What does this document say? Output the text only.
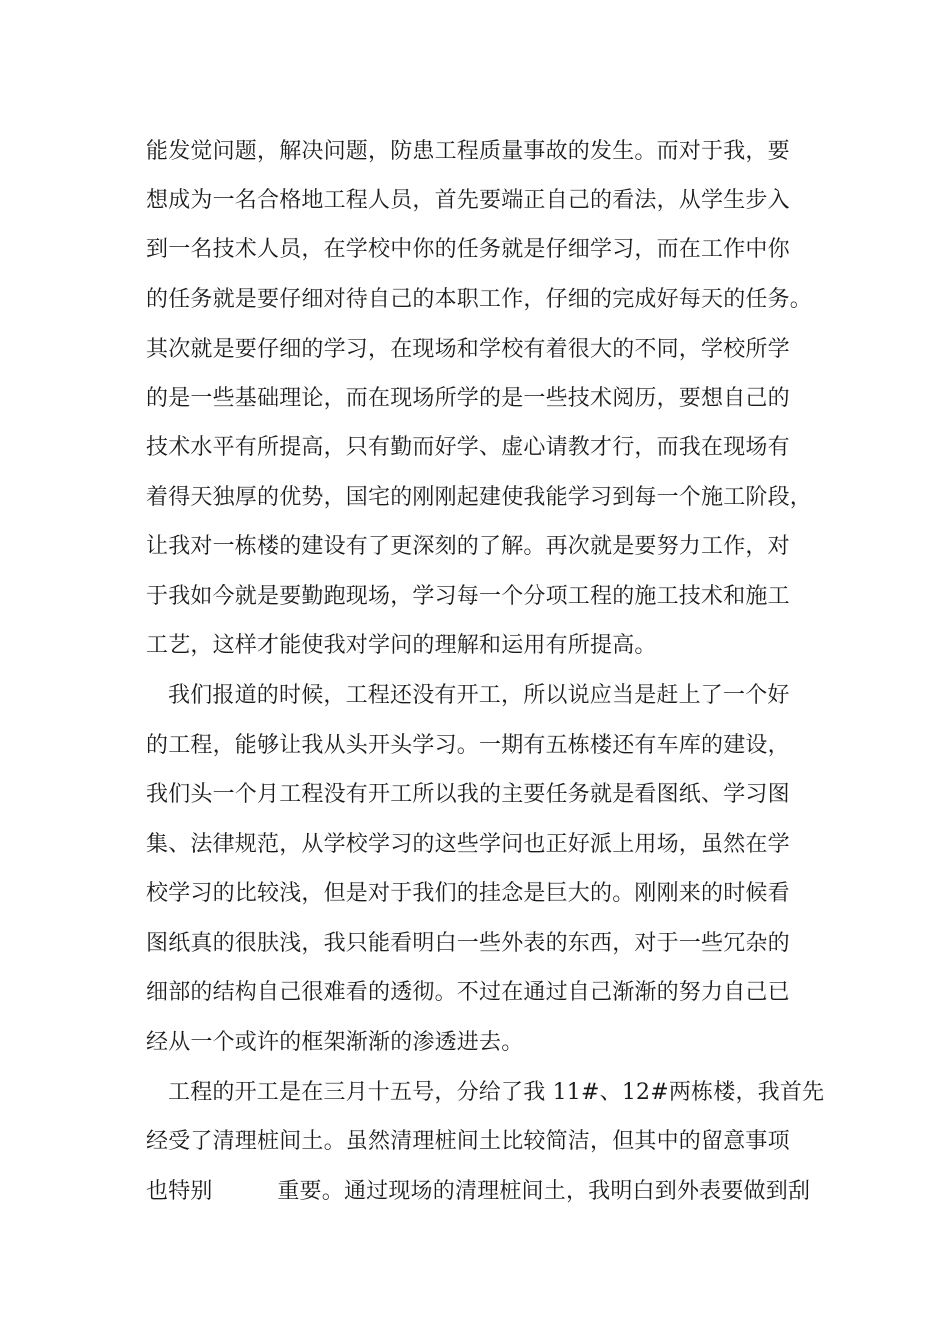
能发觉问题，解决问题，防患工程质量事故的发生。而对于我，要
想成为一名合格地工程人员，首先要端正自己的看法，从学生步入
到一名技术人员，在学校中你的任务就是仔细学习，而在工作中你
的任务就是要仔细对待自己的本职工作，仔细的完成好每天的任务。
其次就是要仔细的学习，在现场和学校有着很大的不同，学校所学
的是一些基础理论，而在现场所学的是一些技术阅历，要想自己的
技术水平有所提高，只有勤而好学、虚心请教才行，而我在现场有
着得天独厚的优势，国宅的刚刚起建使我能学习到每一个施工阶段，
让我对一栋楼的建设有了更深刻的了解。再次就是要努力工作，对
于我如今就是要勤跑现场，学习每一个分项工程的施工技术和施工
工艺，这样才能使我对学问的理解和运用有所提高。
我们报道的时候，工程还没有开工，所以说应当是赶上了一个好
的工程，能够让我从头开头学习。一期有五栋楼还有车库的建设，
我们头一个月工程没有开工所以我的主要任务就是看图纸、学习图
集、法律规范，从学校学习的这些学问也正好派上用场，虽然在学
校学习的比较浅，但是对于我们的挂念是巨大的。刚刚来的时候看
图纸真的很肤浅，我只能看明白一些外表的东西，对于一些冗杂的
细部的结构自己很难看的透彻。不过在通过自己渐渐的努力自己已
经从一个或许的框架渐渐的渗透进去。
工程的开工是在三月十五号，分给了我 11#、12#两栋楼，我首先
经受了清理桩间土。虽然清理桩间土比较简洁，但其中的留意事项
也特别         重要。通过现场的清理桩间土，我明白到外表要做到刮
